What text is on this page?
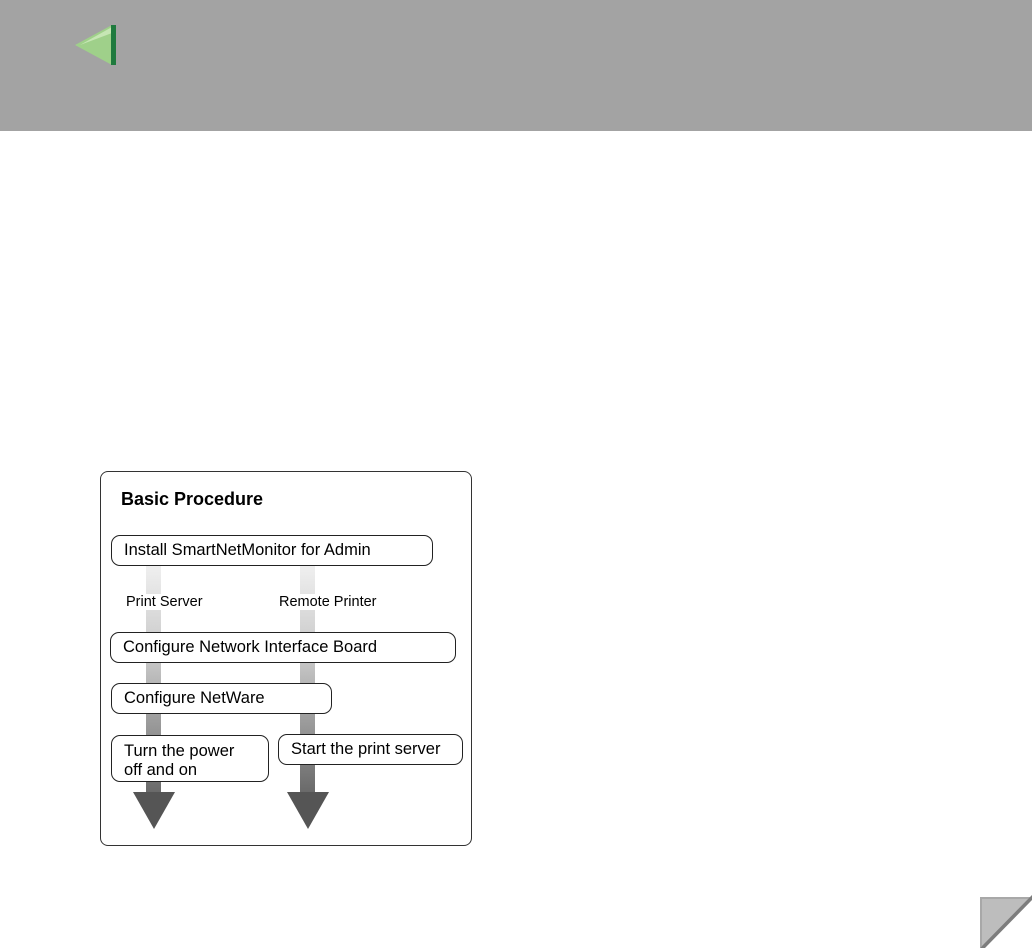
Basic Procedure
Install SmartNetMonitor for Admin
Print Server	Remote Printer
Configure Network Interface Board
Configure NetWare
Turn the power
off and on
Start the print server
